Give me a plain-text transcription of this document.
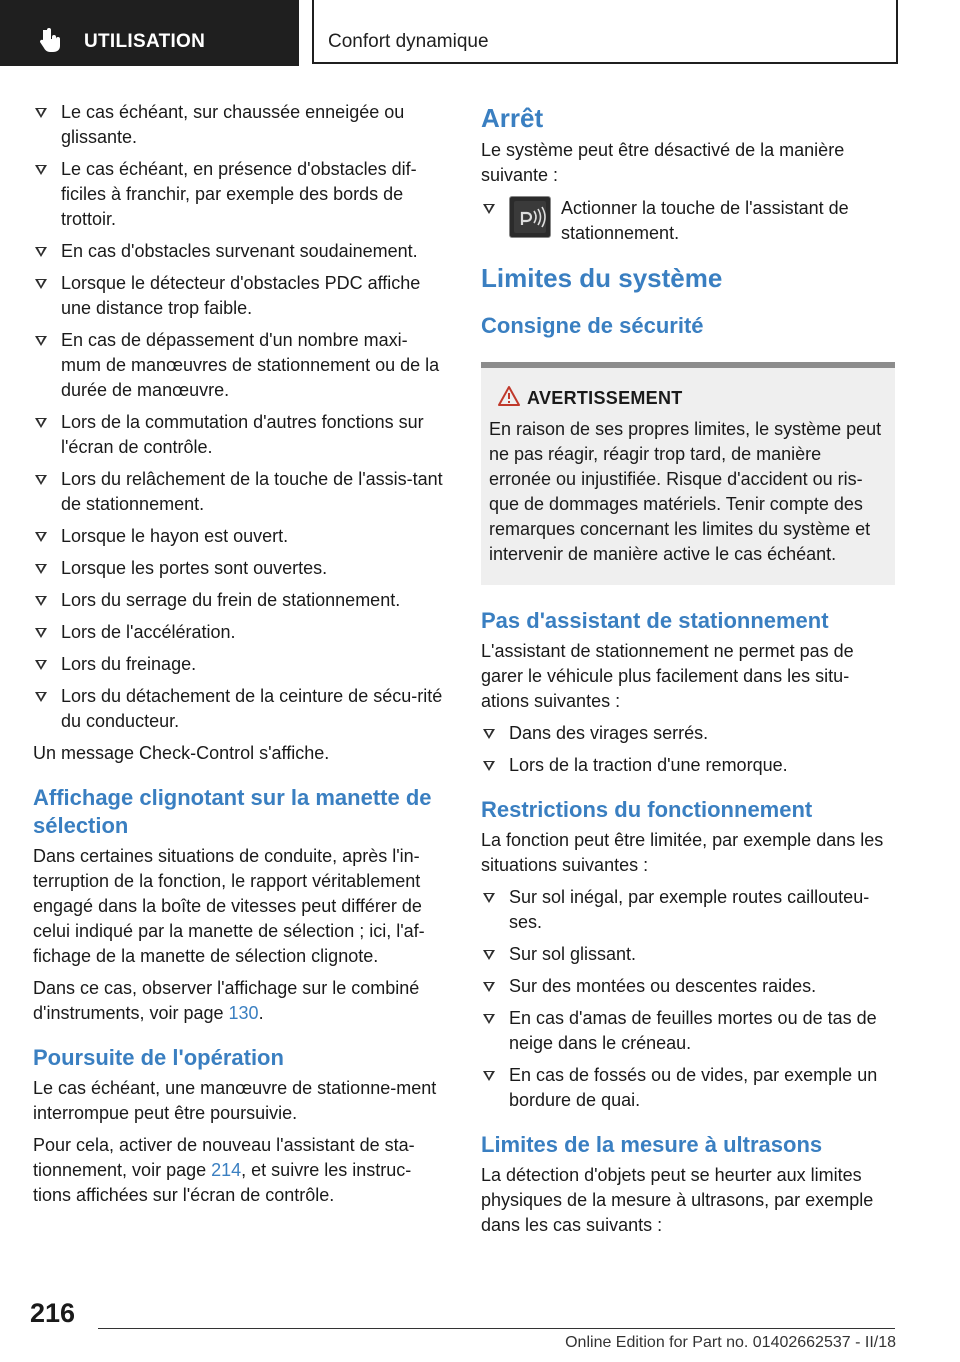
UTILISATION	Confort dynamique
Le cas échéant, sur chaussée enneigée ou glissante.
Le cas échéant, en présence d'obstacles dif‐ficiles à franchir, par exemple des bords de trottoir.
En cas d'obstacles survenant soudainement.
Lorsque le détecteur d'obstacles PDC affiche une distance trop faible.
En cas de dépassement d'un nombre maxi‐mum de manœuvres de stationnement ou de la durée de manœuvre.
Lors de la commutation d'autres fonctions sur l'écran de contrôle.
Lors du relâchement de la touche de l'assis‐tant de stationnement.
Lorsque le hayon est ouvert.
Lorsque les portes sont ouvertes.
Lors du serrage du frein de stationnement.
Lors de l'accélération.
Lors du freinage.
Lors du détachement de la ceinture de sécu‐rité du conducteur.

Un message Check-Control s'affiche.

Affichage clignotant sur la manette de sélection

Dans certaines situations de conduite, après l'in‐terruption de la fonction, le rapport véritablement engagé dans la boîte de vitesses peut différer de celui indiqué par la manette de sélection ; ici, l'af‐fichage de la manette de sélection clignote.

Dans ce cas, observer l'affichage sur le combiné d'instruments, voir page 130.

Poursuite de l'opération

Le cas échéant, une manœuvre de stationne‐ment interrompue peut être poursuivie.

Pour cela, activer de nouveau l'assistant de sta‐tionnement, voir page 214, et suivre les instruc‐tions affichées sur l'écran de contrôle.

Arrêt

Le système peut être désactivé de la manière suivante :

Actionner la touche de l'assistant de stationnement.
Limites du système
Consigne de sécurité
AVERTISSEMENT

En raison de ses propres limites, le système peut ne pas réagir, réagir trop tard, de manière erronée ou injustifiée. Risque d'accident ou ris‐que de dommages matériels. Tenir compte des remarques concernant les limites du système et intervenir de manière active le cas échéant.

Pas d'assistant de stationnement

L'assistant de stationnement ne permet pas de garer le véhicule plus facilement dans les situ‐ations suivantes :

Dans des virages serrés.
Lors de la traction d'une remorque.
Restrictions du fonctionnement

La fonction peut être limitée, par exemple dans les situations suivantes :

Sur sol inégal, par exemple routes caillouteu‐ses.
Sur sol glissant.
Sur des montées ou descentes raides.
En cas d'amas de feuilles mortes ou de tas de neige dans le créneau.
En cas de fossés ou de vides, par exemple un bordure de quai.
Limites de la mesure à ultrasons

La détection d'objets peut se heurter aux limites physiques de la mesure à ultrasons, par exemple dans les cas suivants :

216
Online Edition for Part no. 01402662537 - II/18
